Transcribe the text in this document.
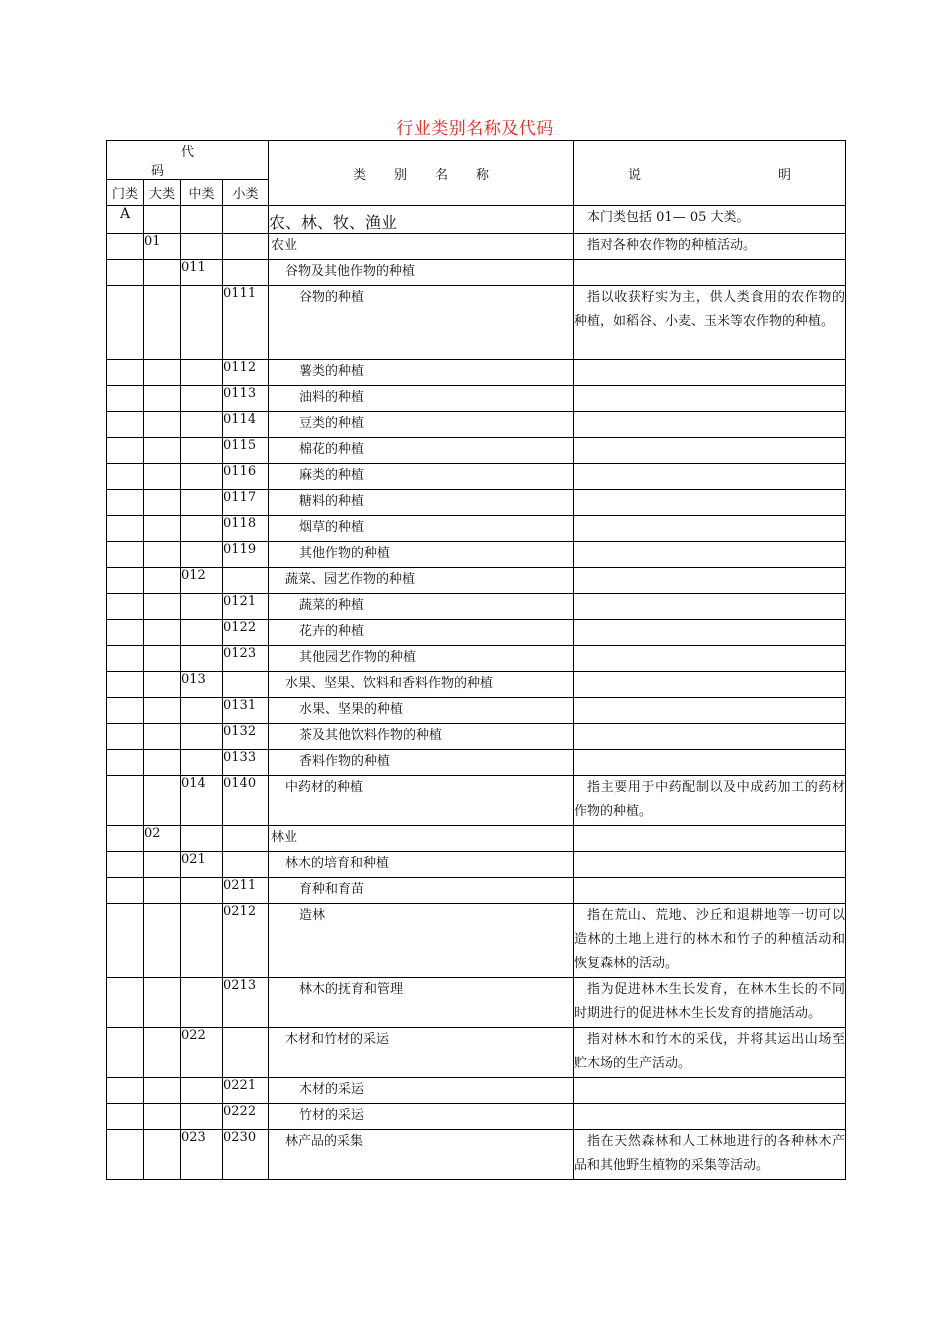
行业类别名称及代码
代码				类别名称	说 明

门类	大类	中类	小类		
A				农、林、牧、渔业	本门类包括 01— 05 大类。

	01			农业	指对各种农作物的种植活动。

		011		谷物及其他作物的种植	

			0111	谷物的种植	指以收获籽实为主，供人类食用的农作物的种植，如稻谷、小麦、玉米等农作物的种植。

			0112	薯类的种植	

			0113	油料的种植	

			0114	豆类的种植	

			0115	棉花的种植	

			0116	麻类的种植	

			0117	糖料的种植	

			0118	烟草的种植	

			0119	其他作物的种植	

		012		蔬菜、园艺作物的种植	

			0121	蔬菜的种植	

			0122	花卉的种植	

			0123	其他园艺作物的种植	

		013		水果、坚果、饮料和香料作物的种植	

			0131	水果、坚果的种植	

			0132	茶及其他饮料作物的种植	

			0133	香料作物的种植	

		014	0140	中药材的种植	指主要用于中药配制以及中成药加工的药材作物的种植。

	02			林业	

		021		林木的培育和种植	

			0211	育种和育苗	

			0212	造林	指在荒山、荒地、沙丘和退耕地等一切可以造林的土地上进行的林木和竹子的种植活动和恢复森林的活动。

			0213	林木的抚育和管理	指为促进林木生长发育，在林木生长的不同时期进行的促进林木生长发育的措施活动。

		022		木材和竹材的采运	指对林木和竹木的采伐，并将其运出山场至贮木场的生产活动。

			0221	木材的采运	

			0222	竹材的采运	

		023	0230	林产品的采集	指在天然森林和人工林地进行的各种林木产品和其他野生植物的采集等活动。
